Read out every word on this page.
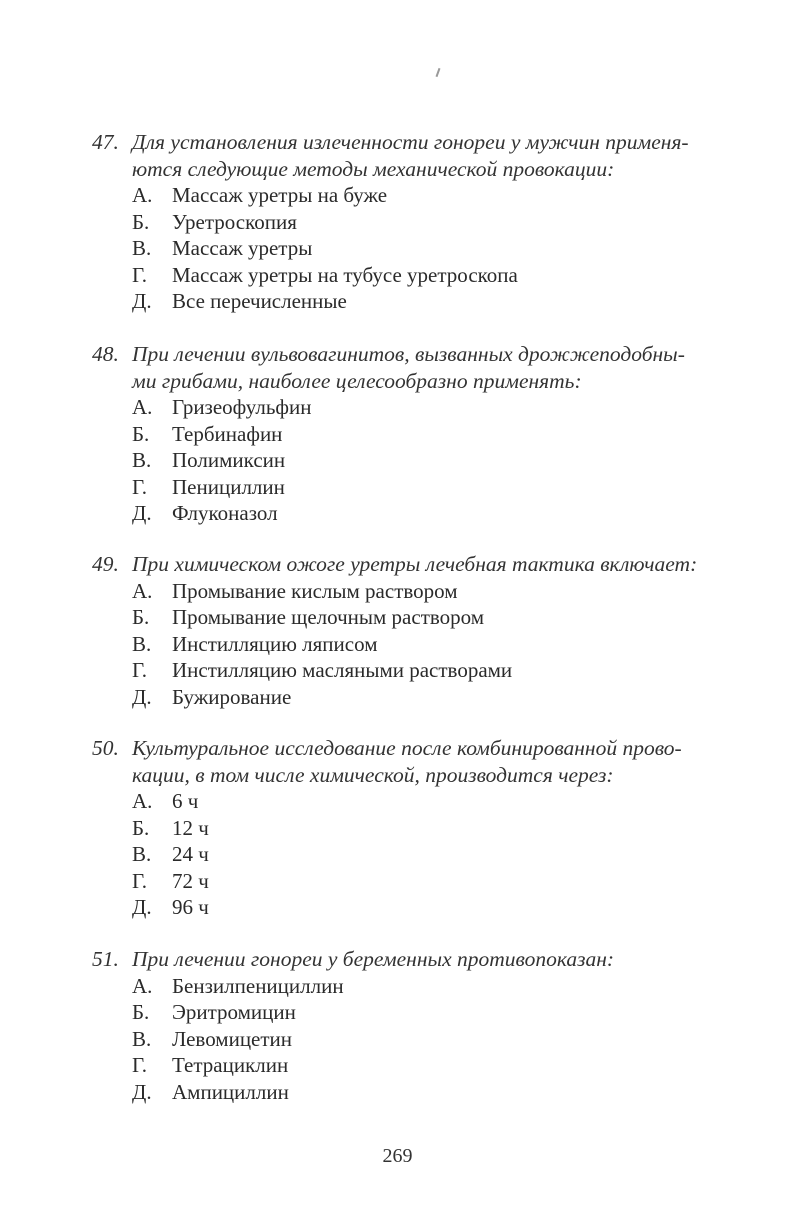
47. Для установления излеченности гонореи у мужчин применя-
ются следующие методы механической провокации:
А. Массаж уретры на буже
Б. Уретроскопия
В. Массаж уретры
Г. Массаж уретры на тубусе уретроскопа
Д. Все перечисленные
48. При лечении вульвовагинитов, вызванных дрожжеподобны-
ми грибами, наиболее целесообразно применять:
А. Гризеофульфин
Б. Тербинафин
В. Полимиксин
Г. Пенициллин
Д. Флуконазол
49. При химическом ожоге уретры лечебная тактика включает:
А. Промывание кислым раствором
Б. Промывание щелочным раствором
В. Инстилляцию ляписом
Г. Инстилляцию масляными растворами
Д. Бужирование
50. Культуральное исследование после комбинированной прово-
кации, в том числе химической, производится через:
А. 6 ч
Б. 12 ч
В. 24 ч
Г. 72 ч
Д. 96 ч
51. При лечении гонореи у беременных противопоказан:
А. Бензилпенициллин
Б. Эритромицин
В. Левомицетин
Г. Тетрациклин
Д. Ампициллин
269
